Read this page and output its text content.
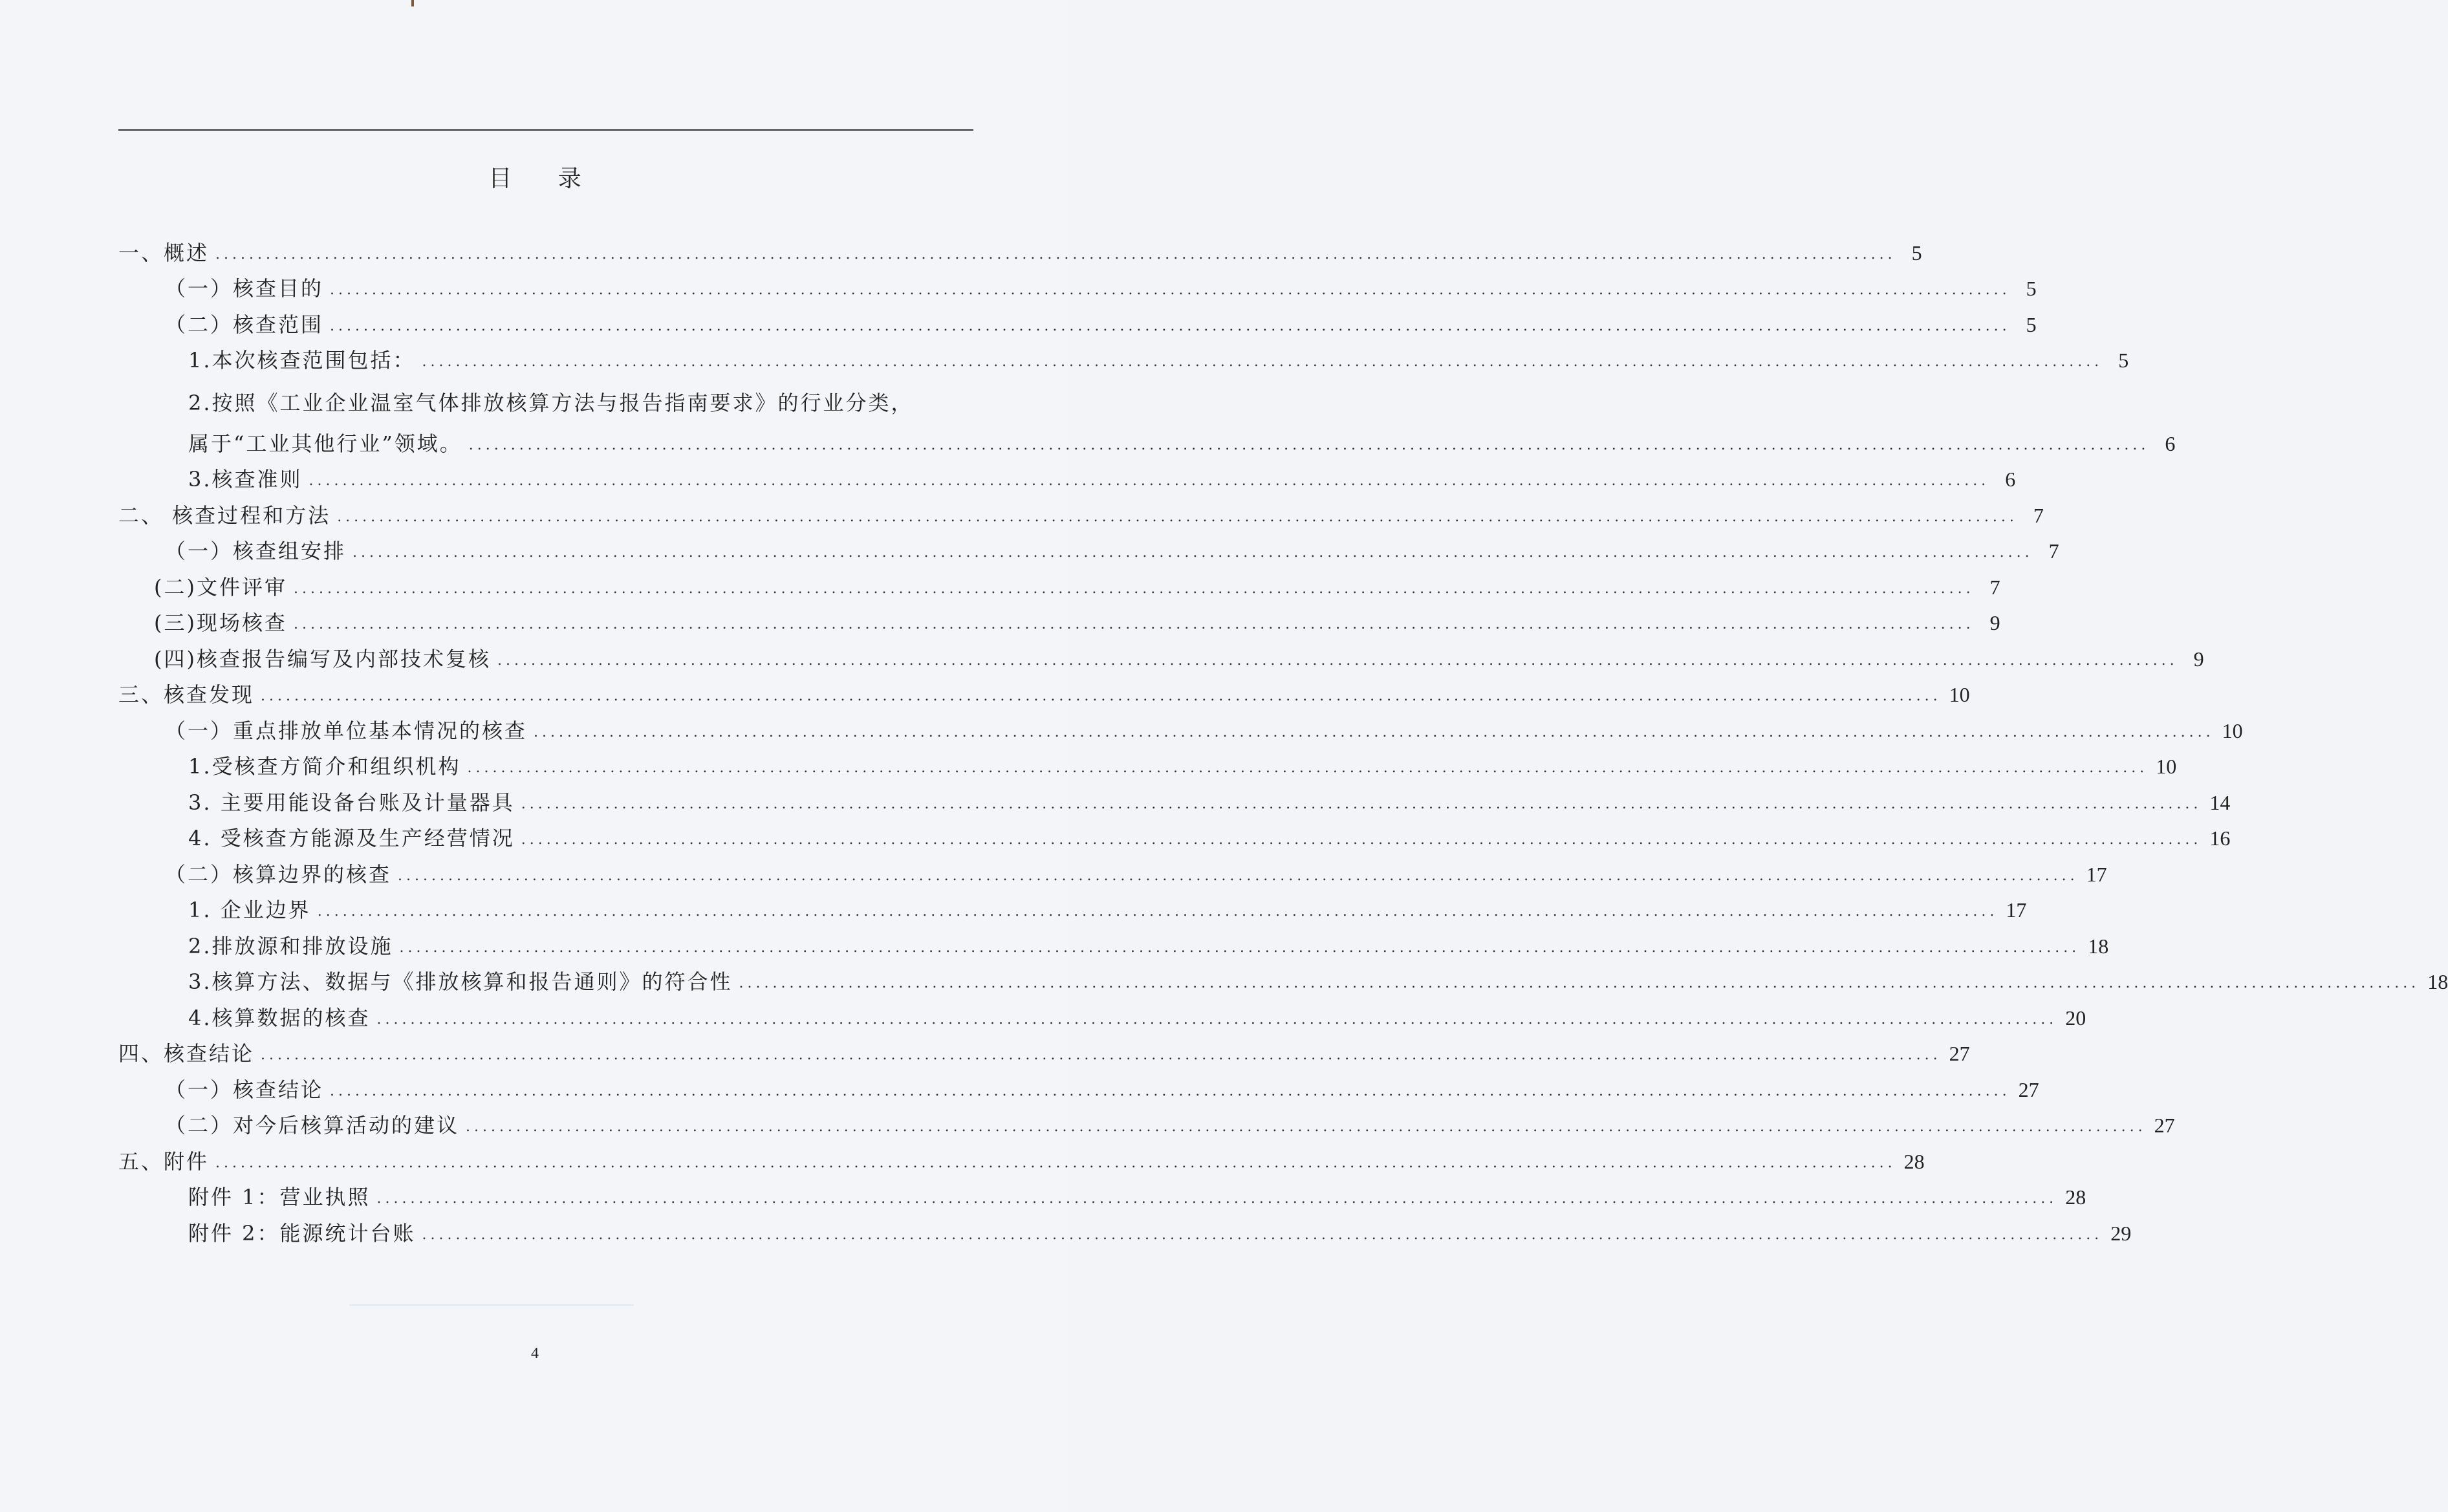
目 录
一、概述 ........................................................................................................................................................................................................ 5
（一）核查目的 ........................................................................................................................................................................................................ 5
（二）核查范围 ........................................................................................................................................................................................................ 5
1.本次核查范围包括： ........................................................................................................................................................................................................ 5
2.按照《工业企业温室气体排放核算方法与报告指南要求》的行业分类，
属于“工业其他行业”领域。 ........................................................................................................................................................................................................ 6
3.核查准则 ........................................................................................................................................................................................................ 6
二、 核查过程和方法 ........................................................................................................................................................................................................ 7
（一）核查组安排 ........................................................................................................................................................................................................ 7
(二)文件评审 ........................................................................................................................................................................................................ 7
(三)现场核查 ........................................................................................................................................................................................................ 9
(四)核查报告编写及内部技术复核 ........................................................................................................................................................................................................ 9
三、核查发现 ........................................................................................................................................................................................................ 10
（一）重点排放单位基本情况的核查 ........................................................................................................................................................................................................ 10
1.受核查方简介和组织机构 ........................................................................................................................................................................................................ 10
3. 主要用能设备台账及计量器具 ........................................................................................................................................................................................................ 14
4. 受核查方能源及生产经营情况 ........................................................................................................................................................................................................ 16
（二）核算边界的核查 ........................................................................................................................................................................................................ 17
1. 企业边界 ........................................................................................................................................................................................................ 17
2.排放源和排放设施 ........................................................................................................................................................................................................ 18
3.核算方法、数据与《排放核算和报告通则》的符合性 ........................................................................................................................................................................................................ 18
4.核算数据的核查 ........................................................................................................................................................................................................ 20
四、核查结论 ........................................................................................................................................................................................................ 27
（一）核查结论 ........................................................................................................................................................................................................ 27
（二）对今后核算活动的建议 ........................................................................................................................................................................................................ 27
五、附件 ........................................................................................................................................................................................................ 28
附件 1：营业执照 ........................................................................................................................................................................................................ 28
附件 2：能源统计台账 ........................................................................................................................................................................................................ 29
4
